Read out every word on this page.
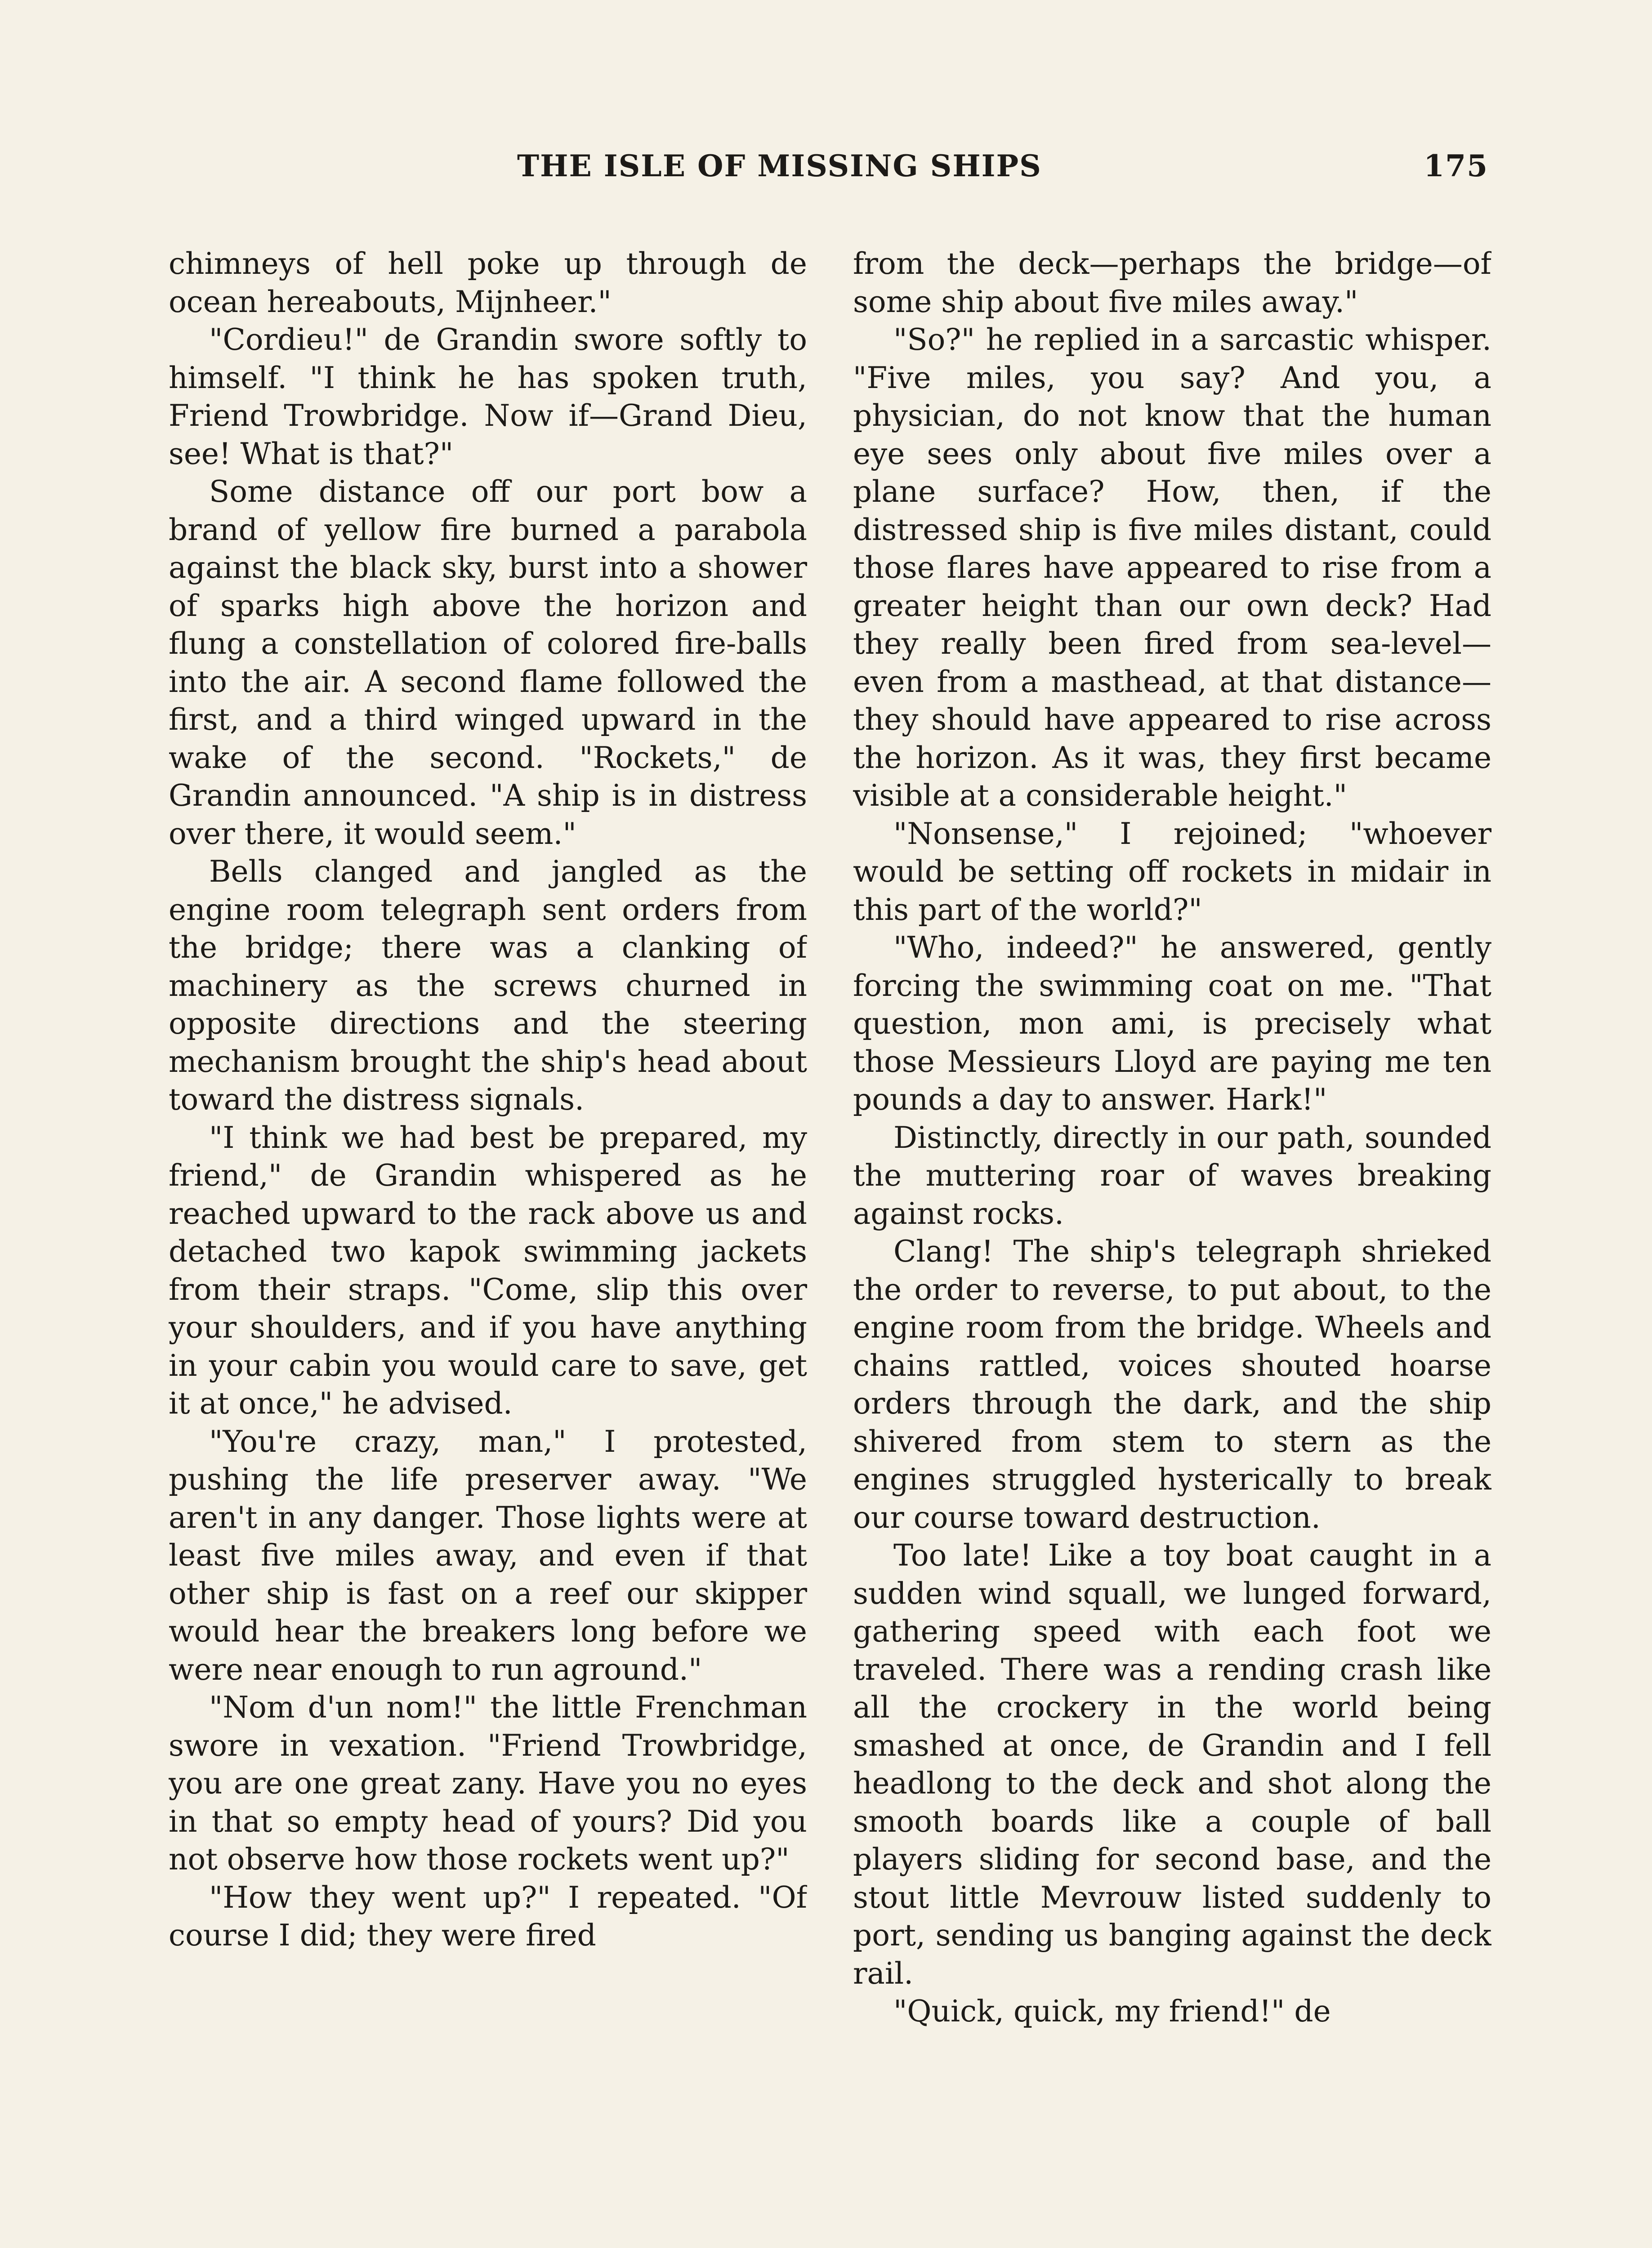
THE ISLE OF MISSING SHIPS	175

chimneys of hell poke up through de ocean hereabouts, Mijnheer."

"Cordieu!" de Grandin swore softly to himself. "I think he has spoken truth, Friend Trowbridge. Now if—Grand Dieu, see! What is that?"

Some distance off our port bow a brand of yellow fire burned a parabola against the black sky, burst into a shower of sparks high above the horizon and flung a constellation of colored fire-balls into the air. A second flame followed the first, and a third winged upward in the wake of the second. "Rockets," de Grandin announced. "A ship is in distress over there, it would seem."

Bells clanged and jangled as the engine room telegraph sent orders from the bridge; there was a clanking of machinery as the screws churned in opposite directions and the steering mechanism brought the ship's head about toward the distress signals.

"I think we had best be prepared, my friend," de Grandin whispered as he reached upward to the rack above us and detached two kapok swimming jackets from their straps. "Come, slip this over your shoulders, and if you have anything in your cabin you would care to save, get it at once," he advised.

"You're crazy, man," I protested, pushing the life preserver away. "We aren't in any danger. Those lights were at least five miles away, and even if that other ship is fast on a reef our skipper would hear the breakers long before we were near enough to run aground."

"Nom d'un nom!" the little Frenchman swore in vexation. "Friend Trowbridge, you are one great zany. Have you no eyes in that so empty head of yours? Did you not observe how those rockets went up?"

"How they went up?" I repeated. "Of course I did; they were fired

from the deck—perhaps the bridge—of some ship about five miles away."

"So?" he replied in a sarcastic whisper. "Five miles, you say? And you, a physician, do not know that the human eye sees only about five miles over a plane surface? How, then, if the distressed ship is five miles distant, could those flares have appeared to rise from a greater height than our own deck? Had they really been fired from sea-level—even from a masthead, at that distance—they should have appeared to rise across the horizon. As it was, they first became visible at a considerable height."

"Nonsense," I rejoined; "whoever would be setting off rockets in midair in this part of the world?"

"Who, indeed?" he answered, gently forcing the swimming coat on me. "That question, mon ami, is precisely what those Messieurs Lloyd are paying me ten pounds a day to answer. Hark!"

Distinctly, directly in our path, sounded the muttering roar of waves breaking against rocks.

Clang! The ship's telegraph shrieked the order to reverse, to put about, to the engine room from the bridge. Wheels and chains rattled, voices shouted hoarse orders through the dark, and the ship shivered from stem to stern as the engines struggled hysterically to break our course toward destruction.

Too late! Like a toy boat caught in a sudden wind squall, we lunged forward, gathering speed with each foot we traveled. There was a rending crash like all the crockery in the world being smashed at once, de Grandin and I fell headlong to the deck and shot along the smooth boards like a couple of ball players sliding for second base, and the stout little Mevrouw listed suddenly to port, sending us banging against the deck rail.

"Quick, quick, my friend!" de
